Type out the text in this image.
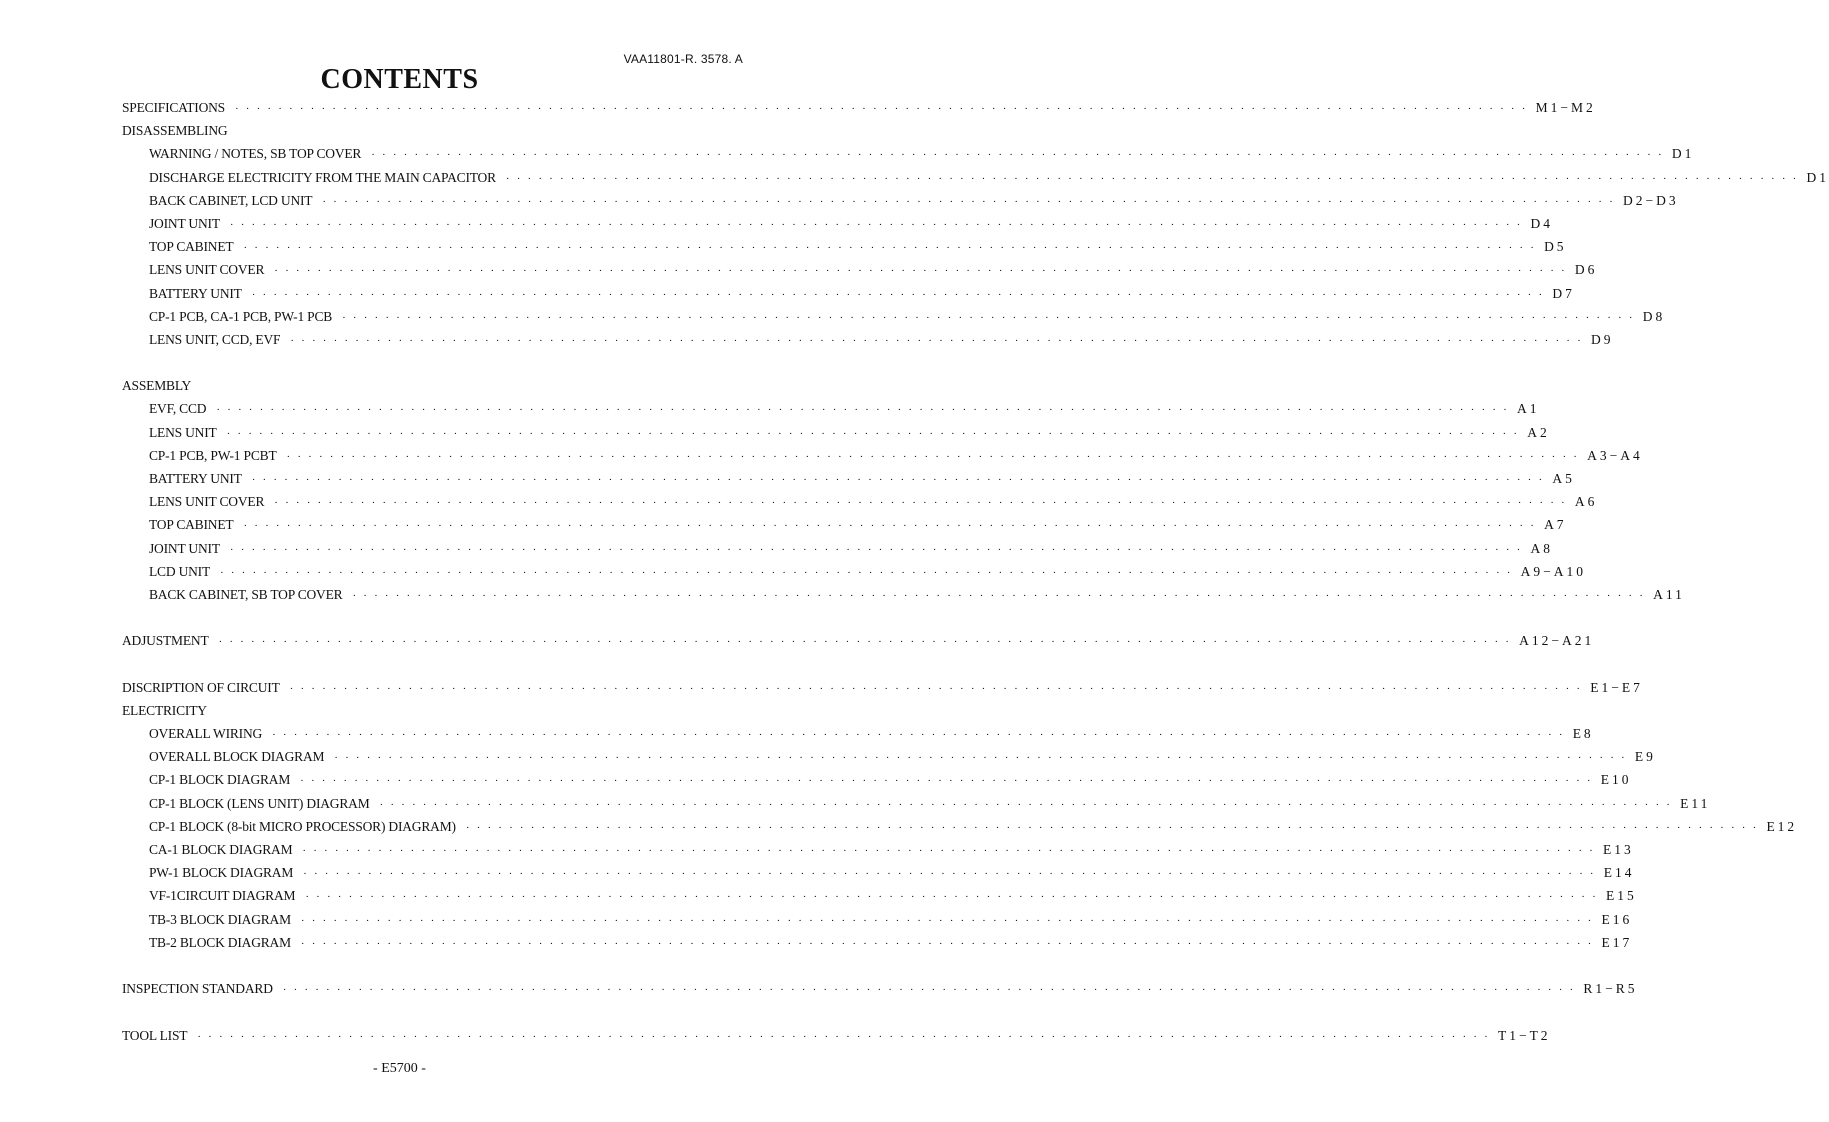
VAA11801-R. 3578. A
CONTENTS
SPECIFICATIONS · · · · · · · · · · · · · · · · · · · · · · · · · · · · · · · · · · · · · · · · · · · · · · · · · · · · · · · · · · · · · · · · · · · · · · · · · · · · · · · · · · · · · · · · · · · · · · · · · · · · · · · · · · · · · · · · · · · · · · · · M1−M2
DISASSEMBLING
WARNING / NOTES, SB TOP COVER · · · · · · · · · · · · · · · · · · · · · · · · · · · · · · · · · · · · · · · · · · · · · · · · · · · · · · · · · · · · · · · · · · · · · · · · · · · · · · · · · · · · · · · · · · · · · · · · · · · · · · · · · · · · · · · · · · · · · · · · D1
DISCHARGE ELECTRICITY FROM THE MAIN CAPACITOR · · · · · · · · · · · · · · · · · · · · · · · · · · · · · · · · · · · · · · · · · · · · · · · · · · · · · · · · · · · · · · · · · · · · · · · · · · · · · · · · · · · · · · · · · · · · · · · · · · · · · · · · · · · · · · · · · · · · · · · · D1
BACK CABINET, LCD UNIT · · · · · · · · · · · · · · · · · · · · · · · · · · · · · · · · · · · · · · · · · · · · · · · · · · · · · · · · · · · · · · · · · · · · · · · · · · · · · · · · · · · · · · · · · · · · · · · · · · · · · · · · · · · · · · · · · · · · · · · · D2−D3
JOINT UNIT · · · · · · · · · · · · · · · · · · · · · · · · · · · · · · · · · · · · · · · · · · · · · · · · · · · · · · · · · · · · · · · · · · · · · · · · · · · · · · · · · · · · · · · · · · · · · · · · · · · · · · · · · · · · · · · · · · · · · · · · D4
TOP CABINET · · · · · · · · · · · · · · · · · · · · · · · · · · · · · · · · · · · · · · · · · · · · · · · · · · · · · · · · · · · · · · · · · · · · · · · · · · · · · · · · · · · · · · · · · · · · · · · · · · · · · · · · · · · · · · · · · · · · · · · · D5
LENS UNIT COVER · · · · · · · · · · · · · · · · · · · · · · · · · · · · · · · · · · · · · · · · · · · · · · · · · · · · · · · · · · · · · · · · · · · · · · · · · · · · · · · · · · · · · · · · · · · · · · · · · · · · · · · · · · · · · · · · · · · · · · · · D6
BATTERY UNIT · · · · · · · · · · · · · · · · · · · · · · · · · · · · · · · · · · · · · · · · · · · · · · · · · · · · · · · · · · · · · · · · · · · · · · · · · · · · · · · · · · · · · · · · · · · · · · · · · · · · · · · · · · · · · · · · · · · · · · · · D7
CP-1 PCB, CA-1 PCB, PW-1 PCB · · · · · · · · · · · · · · · · · · · · · · · · · · · · · · · · · · · · · · · · · · · · · · · · · · · · · · · · · · · · · · · · · · · · · · · · · · · · · · · · · · · · · · · · · · · · · · · · · · · · · · · · · · · · · · · · · · · · · · · · D8
LENS UNIT, CCD, EVF · · · · · · · · · · · · · · · · · · · · · · · · · · · · · · · · · · · · · · · · · · · · · · · · · · · · · · · · · · · · · · · · · · · · · · · · · · · · · · · · · · · · · · · · · · · · · · · · · · · · · · · · · · · · · · · · · · · · · · · · D9
ASSEMBLY
EVF, CCD · · · · · · · · · · · · · · · · · · · · · · · · · · · · · · · · · · · · · · · · · · · · · · · · · · · · · · · · · · · · · · · · · · · · · · · · · · · · · · · · · · · · · · · · · · · · · · · · · · · · · · · · · · · · · · · · · · · · · · · · A1
LENS UNIT · · · · · · · · · · · · · · · · · · · · · · · · · · · · · · · · · · · · · · · · · · · · · · · · · · · · · · · · · · · · · · · · · · · · · · · · · · · · · · · · · · · · · · · · · · · · · · · · · · · · · · · · · · · · · · · · · · · · · · · · A2
CP-1 PCB, PW-1 PCBT · · · · · · · · · · · · · · · · · · · · · · · · · · · · · · · · · · · · · · · · · · · · · · · · · · · · · · · · · · · · · · · · · · · · · · · · · · · · · · · · · · · · · · · · · · · · · · · · · · · · · · · · · · · · · · · · · · · · · · · · A3−A4
BATTERY UNIT · · · · · · · · · · · · · · · · · · · · · · · · · · · · · · · · · · · · · · · · · · · · · · · · · · · · · · · · · · · · · · · · · · · · · · · · · · · · · · · · · · · · · · · · · · · · · · · · · · · · · · · · · · · · · · · · · · · · · · · · A5
LENS UNIT COVER · · · · · · · · · · · · · · · · · · · · · · · · · · · · · · · · · · · · · · · · · · · · · · · · · · · · · · · · · · · · · · · · · · · · · · · · · · · · · · · · · · · · · · · · · · · · · · · · · · · · · · · · · · · · · · · · · · · · · · · · A6
TOP CABINET · · · · · · · · · · · · · · · · · · · · · · · · · · · · · · · · · · · · · · · · · · · · · · · · · · · · · · · · · · · · · · · · · · · · · · · · · · · · · · · · · · · · · · · · · · · · · · · · · · · · · · · · · · · · · · · · · · · · · · · · A7
JOINT UNIT · · · · · · · · · · · · · · · · · · · · · · · · · · · · · · · · · · · · · · · · · · · · · · · · · · · · · · · · · · · · · · · · · · · · · · · · · · · · · · · · · · · · · · · · · · · · · · · · · · · · · · · · · · · · · · · · · · · · · · · · A8
LCD UNIT · · · · · · · · · · · · · · · · · · · · · · · · · · · · · · · · · · · · · · · · · · · · · · · · · · · · · · · · · · · · · · · · · · · · · · · · · · · · · · · · · · · · · · · · · · · · · · · · · · · · · · · · · · · · · · · · · · · · · · · · A9−A10
BACK CABINET, SB TOP COVER · · · · · · · · · · · · · · · · · · · · · · · · · · · · · · · · · · · · · · · · · · · · · · · · · · · · · · · · · · · · · · · · · · · · · · · · · · · · · · · · · · · · · · · · · · · · · · · · · · · · · · · · · · · · · · · · · · · · · · · · A11
ADJUSTMENT · · · · · · · · · · · · · · · · · · · · · · · · · · · · · · · · · · · · · · · · · · · · · · · · · · · · · · · · · · · · · · · · · · · · · · · · · · · · · · · · · · · · · · · · · · · · · · · · · · · · · · · · · · · · · · · · · · · · · · · · A12−A21
DISCRIPTION OF CIRCUIT · · · · · · · · · · · · · · · · · · · · · · · · · · · · · · · · · · · · · · · · · · · · · · · · · · · · · · · · · · · · · · · · · · · · · · · · · · · · · · · · · · · · · · · · · · · · · · · · · · · · · · · · · · · · · · · · · · · · · · · · E1−E7
ELECTRICITY
OVERALL WIRING · · · · · · · · · · · · · · · · · · · · · · · · · · · · · · · · · · · · · · · · · · · · · · · · · · · · · · · · · · · · · · · · · · · · · · · · · · · · · · · · · · · · · · · · · · · · · · · · · · · · · · · · · · · · · · · · · · · · · · · · E8
OVERALL BLOCK DIAGRAM · · · · · · · · · · · · · · · · · · · · · · · · · · · · · · · · · · · · · · · · · · · · · · · · · · · · · · · · · · · · · · · · · · · · · · · · · · · · · · · · · · · · · · · · · · · · · · · · · · · · · · · · · · · · · · · · · · · · · · · · E9
CP-1 BLOCK DIAGRAM · · · · · · · · · · · · · · · · · · · · · · · · · · · · · · · · · · · · · · · · · · · · · · · · · · · · · · · · · · · · · · · · · · · · · · · · · · · · · · · · · · · · · · · · · · · · · · · · · · · · · · · · · · · · · · · · · · · · · · · · E10
CP-1 BLOCK (LENS UNIT) DIAGRAM · · · · · · · · · · · · · · · · · · · · · · · · · · · · · · · · · · · · · · · · · · · · · · · · · · · · · · · · · · · · · · · · · · · · · · · · · · · · · · · · · · · · · · · · · · · · · · · · · · · · · · · · · · · · · · · · · · · · · · · · E11
CP-1 BLOCK (8-bit MICRO PROCESSOR) DIAGRAM) · · · · · · · · · · · · · · · · · · · · · · · · · · · · · · · · · · · · · · · · · · · · · · · · · · · · · · · · · · · · · · · · · · · · · · · · · · · · · · · · · · · · · · · · · · · · · · · · · · · · · · · · · · · · · · · · · · · · · · · · E12
CA-1 BLOCK DIAGRAM · · · · · · · · · · · · · · · · · · · · · · · · · · · · · · · · · · · · · · · · · · · · · · · · · · · · · · · · · · · · · · · · · · · · · · · · · · · · · · · · · · · · · · · · · · · · · · · · · · · · · · · · · · · · · · · · · · · · · · · · E13
PW-1 BLOCK DIAGRAM · · · · · · · · · · · · · · · · · · · · · · · · · · · · · · · · · · · · · · · · · · · · · · · · · · · · · · · · · · · · · · · · · · · · · · · · · · · · · · · · · · · · · · · · · · · · · · · · · · · · · · · · · · · · · · · · · · · · · · · · E14
VF-1CIRCUIT DIAGRAM · · · · · · · · · · · · · · · · · · · · · · · · · · · · · · · · · · · · · · · · · · · · · · · · · · · · · · · · · · · · · · · · · · · · · · · · · · · · · · · · · · · · · · · · · · · · · · · · · · · · · · · · · · · · · · · · · · · · · · · · E15
TB-3 BLOCK DIAGRAM · · · · · · · · · · · · · · · · · · · · · · · · · · · · · · · · · · · · · · · · · · · · · · · · · · · · · · · · · · · · · · · · · · · · · · · · · · · · · · · · · · · · · · · · · · · · · · · · · · · · · · · · · · · · · · · · · · · · · · · · E16
TB-2 BLOCK DIAGRAM · · · · · · · · · · · · · · · · · · · · · · · · · · · · · · · · · · · · · · · · · · · · · · · · · · · · · · · · · · · · · · · · · · · · · · · · · · · · · · · · · · · · · · · · · · · · · · · · · · · · · · · · · · · · · · · · · · · · · · · · E17
INSPECTION STANDARD · · · · · · · · · · · · · · · · · · · · · · · · · · · · · · · · · · · · · · · · · · · · · · · · · · · · · · · · · · · · · · · · · · · · · · · · · · · · · · · · · · · · · · · · · · · · · · · · · · · · · · · · · · · · · · · · · · · · · · · · R1−R5
TOOL LIST · · · · · · · · · · · · · · · · · · · · · · · · · · · · · · · · · · · · · · · · · · · · · · · · · · · · · · · · · · · · · · · · · · · · · · · · · · · · · · · · · · · · · · · · · · · · · · · · · · · · · · · · · · · · · · · · · · · · · · · · T1−T2
- E5700 -
